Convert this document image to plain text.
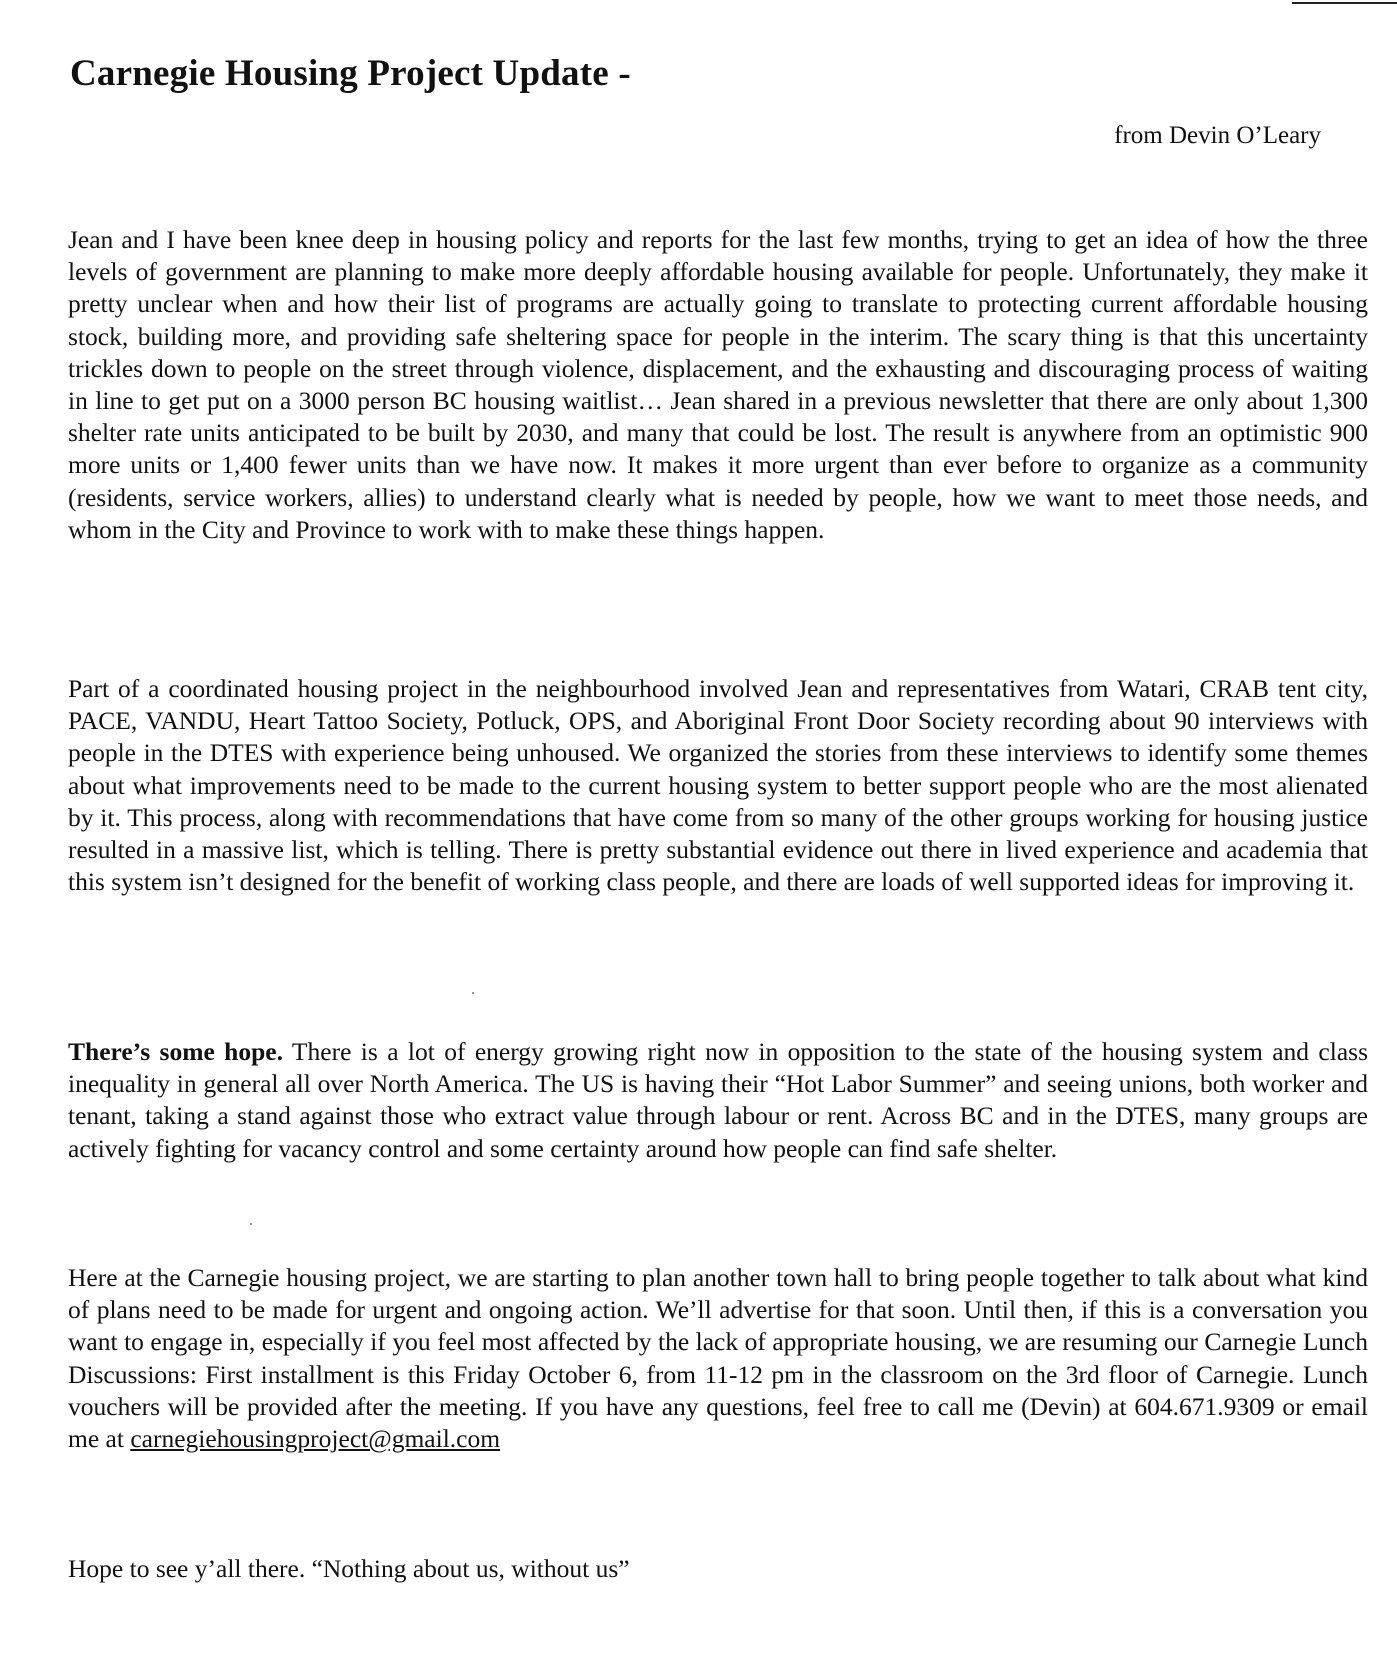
Carnegie Housing Project Update -

from Devin O’Leary

Jean and I have been knee deep in housing policy and reports for the last few months, trying to get an idea of how the three levels of government are planning to make more deeply affordable housing available for people. Unfortunately, they make it pretty unclear when and how their list of programs are actually going to translate to protecting current affordable housing stock, building more, and providing safe sheltering space for people in the interim. The scary thing is that this uncertainty trickles down to people on the street through violence, displacement, and the exhausting and discouraging process of waiting in line to get put on a 3000 person BC housing waitlist… Jean shared in a previous newsletter that there are only about 1,300 shelter rate units anticipated to be built by 2030, and many that could be lost. The result is anywhere from an optimistic 900 more units or 1,400 fewer units than we have now. It makes it more urgent than ever before to organize as a community (residents, service workers, allies) to understand clearly what is needed by people, how we want to meet those needs, and whom in the City and Province to work with to make these things happen.

Part of a coordinated housing project in the neighbourhood involved Jean and representatives from Watari, CRAB tent city, PACE, VANDU, Heart Tattoo Society, Potluck, OPS, and Aboriginal Front Door Society recording about 90 interviews with people in the DTES with experience being unhoused. We organized the stories from these interviews to identify some themes about what improvements need to be made to the current housing system to better support people who are the most alienated by it. This process, along with recommendations that have come from so many of the other groups working for housing justice resulted in a massive list, which is telling. There is pretty substantial evidence out there in lived experience and academia that this system isn’t designed for the benefit of working class people, and there are loads of well supported ideas for improving it.

There’s some hope. There is a lot of energy growing right now in opposition to the state of the housing system and class inequality in general all over North America. The US is having their “Hot Labor Summer” and seeing unions, both worker and tenant, taking a stand against those who extract value through labour or rent. Across BC and in the DTES, many groups are actively fighting for vacancy control and some certainty around how people can find safe shelter.

Here at the Carnegie housing project, we are starting to plan another town hall to bring people together to talk about what kind of plans need to be made for urgent and ongoing action. We’ll advertise for that soon. Until then, if this is a conversation you want to engage in, especially if you feel most affected by the lack of appropriate housing, we are resuming our Carnegie Lunch Discussions: First installment is this Friday October 6, from 11-12 pm in the classroom on the 3rd floor of Carnegie. Lunch vouchers will be provided after the meeting. If you have any questions, feel free to call me (Devin) at 604.671.9309 or email me at carnegiehousingproject@gmail.com

Hope to see y’all there. “Nothing about us, without us”
